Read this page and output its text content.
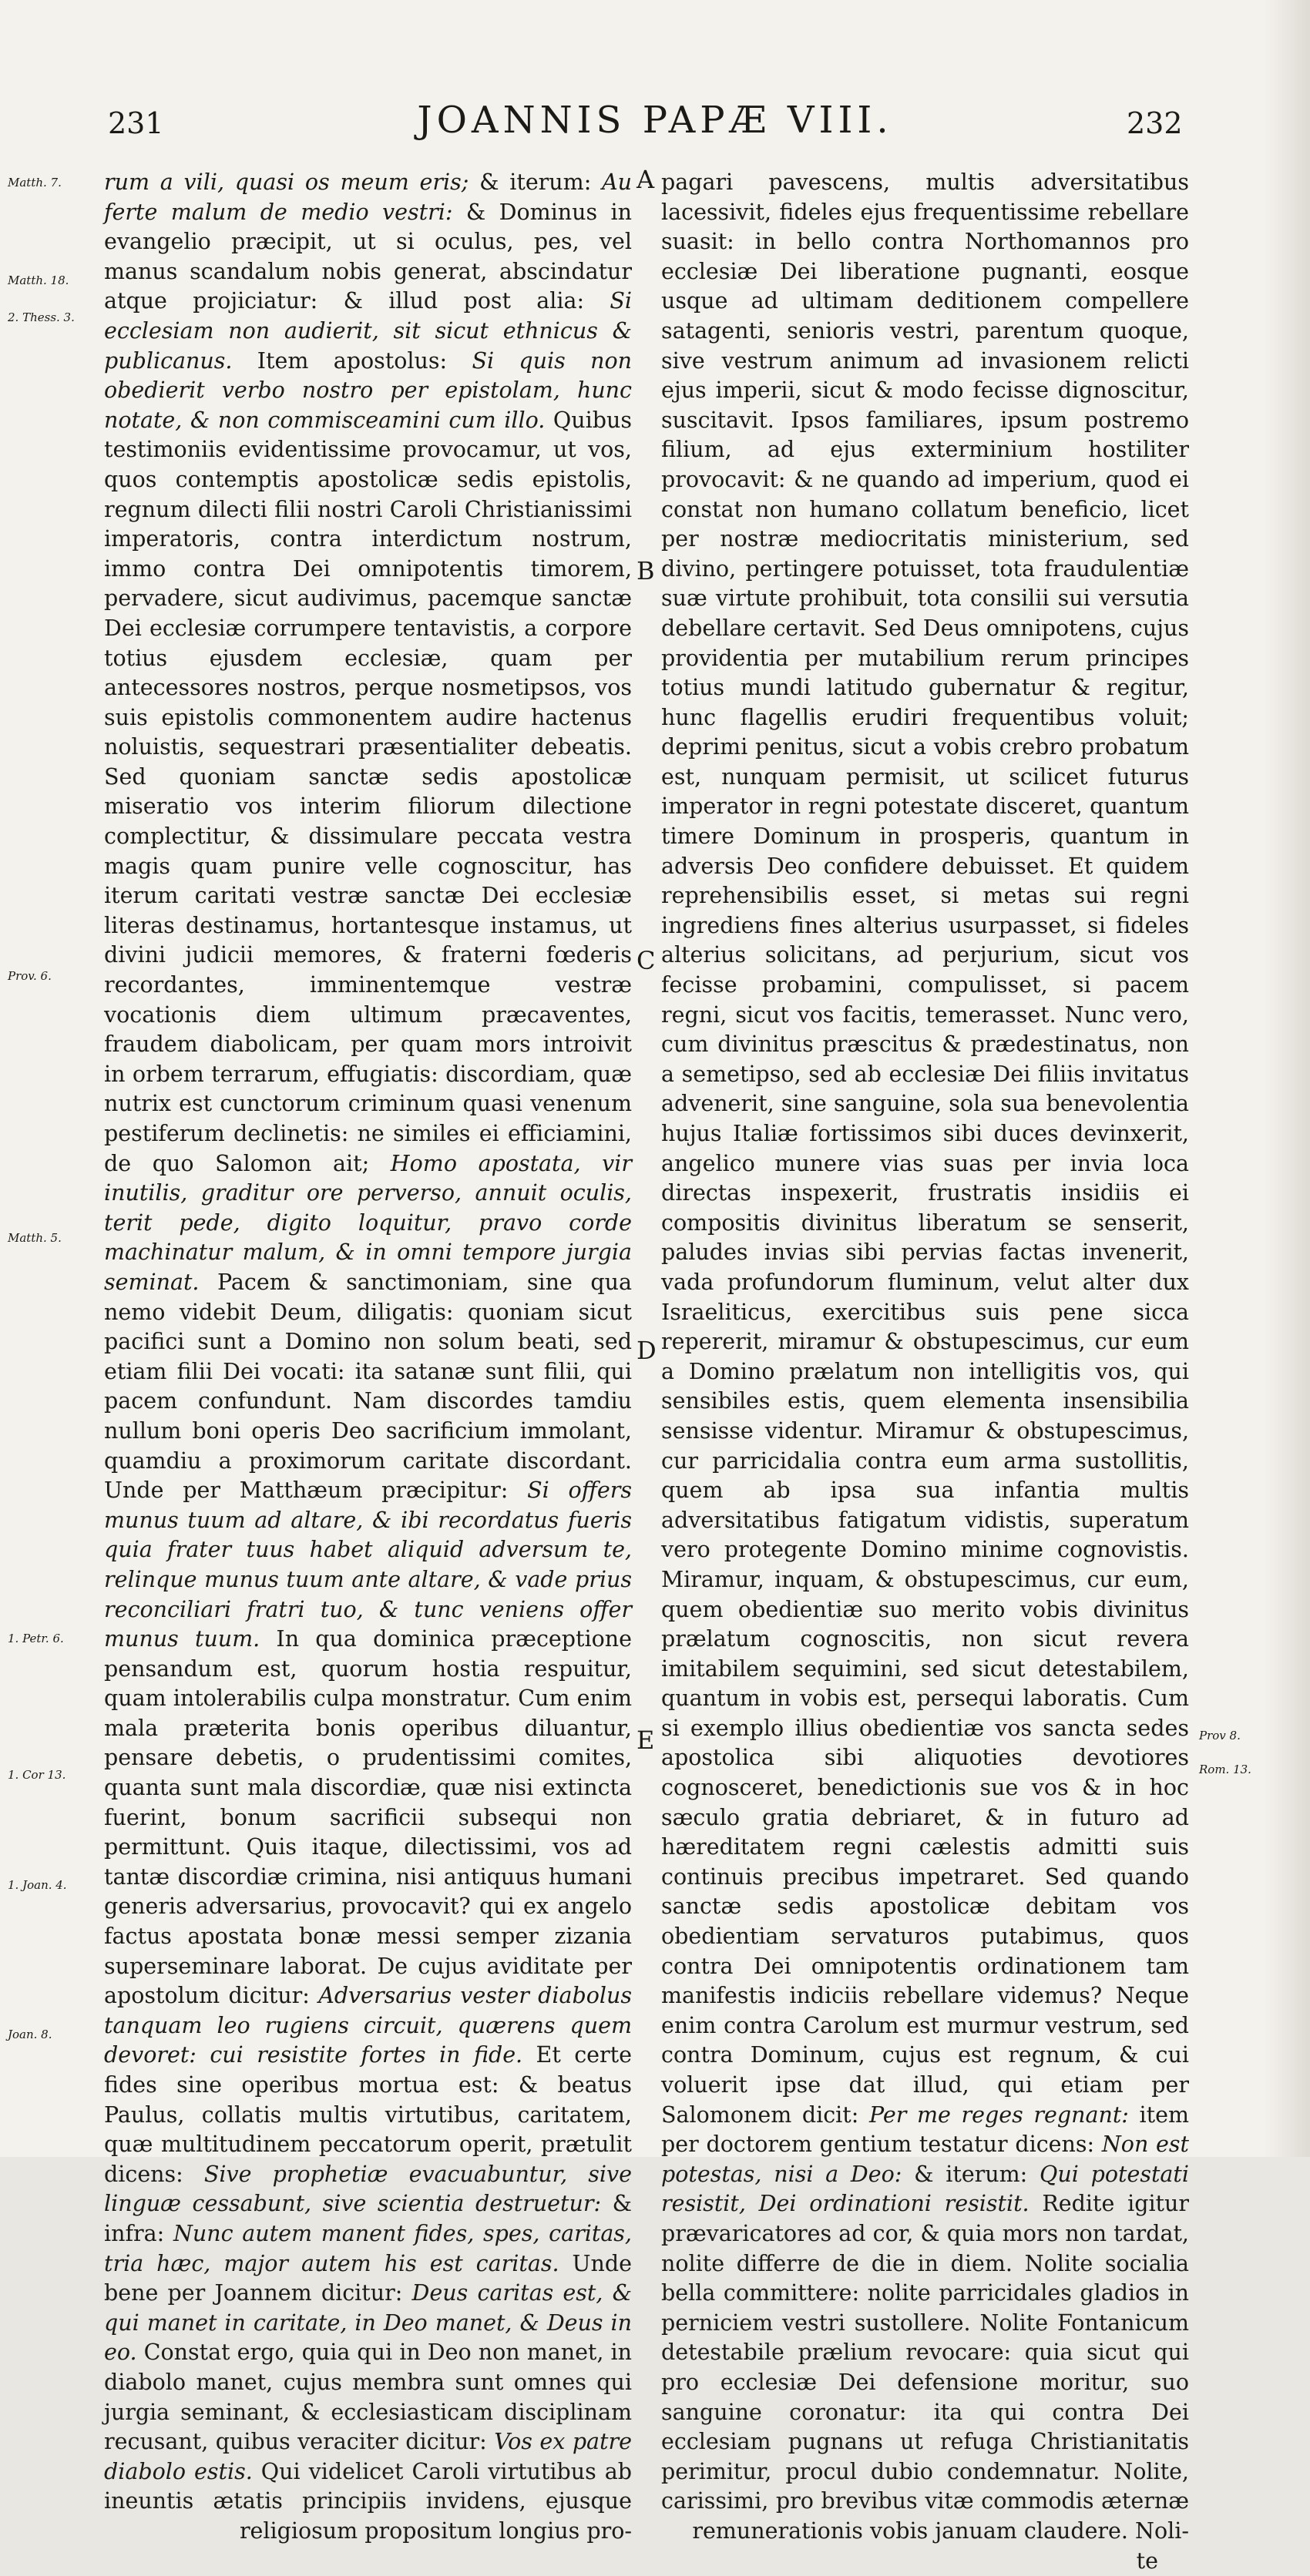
231	JOANNIS PAPÆ VIII.	232
Matth. 7.
Matth. 18.
2. Thess. 3.
Prov. 6.
Matth. 5.
1. Petr. 6.
1. Cor 13.
1. Joan. 4.
Joan. 8.
Prov 8.
Rom. 13.
A
B
C
D
E

rum a vili, quasi os meum eris; & iterum: Au ferte malum de medio vestri: & Dominus in evangelio præcipit, ut si oculus, pes, vel manus scandalum nobis generat, abscindatur atque projiciatur: & illud post alia: Si ecclesiam non audierit, sit sicut ethnicus & publicanus. Item apostolus: Si quis non obedierit verbo nostro per epistolam, hunc notate, & non commisceamini cum illo. Quibus testimoniis evidentissime provocamur, ut vos, quos contemptis apostolicæ sedis epistolis, regnum dilecti filii nostri Caroli Christianissimi imperatoris, contra interdictum nostrum, immo contra Dei omnipotentis timorem, pervadere, sicut audivimus, pacemque sanctæ Dei ecclesiæ corrumpere tentavistis, a corpore totius ejusdem ecclesiæ, quam per antecessores nostros, perque nosmetipsos, vos suis epistolis commonentem audire hactenus noluistis, sequestrari præsentialiter debeatis. Sed quoniam sanctæ sedis apostolicæ miseratio vos interim filiorum dilectione complectitur, & dissimulare peccata vestra magis quam punire velle cognoscitur, has iterum caritati vestræ sanctæ Dei ecclesiæ literas destinamus, hortantesque instamus, ut divini judicii memores, & fraterni fœderis recordantes, imminentemque vestræ vocationis diem ultimum præcaventes, fraudem diabolicam, per quam mors introivit in orbem terrarum, effugiatis: discordiam, quæ nutrix est cunctorum criminum quasi venenum pestiferum declinetis: ne similes ei efficiamini, de quo Salomon ait; Homo apostata, vir inutilis, graditur ore perverso, annuit oculis, terit pede, digito loquitur, pravo corde machinatur malum, & in omni tempore jurgia seminat. Pacem & sanctimoniam, sine qua nemo videbit Deum, diligatis: quoniam sicut pacifici sunt a Domino non solum beati, sed etiam filii Dei vocati: ita satanæ sunt filii, qui pacem confundunt. Nam discordes tamdiu nullum boni operis Deo sacrificium immolant, quamdiu a proximorum caritate discordant. Unde per Matthæum præcipitur: Si offers munus tuum ad altare, & ibi recordatus fueris quia frater tuus habet aliquid adversum te, relinque munus tuum ante altare, & vade prius reconciliari fratri tuo, & tunc veniens offer munus tuum. In qua dominica præceptione pensandum est, quorum hostia respuitur, quam intolerabilis culpa monstratur. Cum enim mala præterita bonis operibus diluantur, pensare debetis, o prudentissimi comites, quanta sunt mala discordiæ, quæ nisi extincta fuerint, bonum sacrificii subsequi non permittunt. Quis itaque, dilectissimi, vos ad tantæ discordiæ crimina, nisi antiquus humani generis adversarius, provocavit? qui ex angelo factus apostata bonæ messi semper zizania superseminare laborat. De cujus aviditate per apostolum dicitur: Adversarius vester diabolus tanquam leo rugiens circuit, quærens quem devoret: cui resistite fortes in fide. Et certe fides sine operibus mortua est: & beatus Paulus, collatis multis virtutibus, caritatem, quæ multitudinem peccatorum operit, prætulit dicens: Sive prophetiæ evacuabuntur, sive linguæ cessabunt, sive scientia destruetur: & infra: Nunc autem manent fides, spes, caritas, tria hæc, major autem his est caritas. Unde bene per Joannem dicitur: Deus caritas est, & qui manet in caritate, in Deo manet, & Deus in eo. Constat ergo, quia qui in Deo non manet, in diabolo manet, cujus membra sunt omnes qui jurgia seminant, & ecclesiasticam disciplinam recusant, quibus veraciter dicitur: Vos ex patre diabolo estis. Qui videlicet Caroli virtutibus ab ineuntis ætatis principiis invidens, ejusque religiosum propositum longius pro-

pagari pavescens, multis adversitatibus lacessivit, fideles ejus frequentissime rebellare suasit: in bello contra Northomannos pro ecclesiæ Dei liberatione pugnanti, eosque usque ad ultimam deditionem compellere satagenti, senioris vestri, parentum quoque, sive vestrum animum ad invasionem relicti ejus imperii, sicut & modo fecisse dignoscitur, suscitavit. Ipsos familiares, ipsum postremo filium, ad ejus exterminium hostiliter provocavit: & ne quando ad imperium, quod ei constat non humano collatum beneficio, licet per nostræ mediocritatis ministerium, sed divino, pertingere potuisset, tota fraudulentiæ suæ virtute prohibuit, tota consilii sui versutia debellare certavit. Sed Deus omnipotens, cujus providentia per mutabilium rerum principes totius mundi latitudo gubernatur & regitur, hunc flagellis erudiri frequentibus voluit; deprimi penitus, sicut a vobis crebro probatum est, nunquam permisit, ut scilicet futurus imperator in regni potestate disceret, quantum timere Dominum in prosperis, quantum in adversis Deo confidere debuisset. Et quidem reprehensibilis esset, si metas sui regni ingrediens fines alterius usurpasset, si fideles alterius solicitans, ad perjurium, sicut vos fecisse probamini, compulisset, si pacem regni, sicut vos facitis, temerasset. Nunc vero, cum divinitus præscitus & prædestinatus, non a semetipso, sed ab ecclesiæ Dei filiis invitatus advenerit, sine sanguine, sola sua benevolentia hujus Italiæ fortissimos sibi duces devinxerit, angelico munere vias suas per invia loca directas inspexerit, frustratis insidiis ei compositis divinitus liberatum se senserit, paludes invias sibi pervias factas invenerit, vada profundorum fluminum, velut alter dux Israeliticus, exercitibus suis pene sicca repererit, miramur & obstupescimus, cur eum a Domino prælatum non intelligitis vos, qui sensibiles estis, quem elementa insensibilia sensisse videntur. Miramur & obstupescimus, cur parricidalia contra eum arma sustollitis, quem ab ipsa sua infantia multis adversitatibus fatigatum vidistis, superatum vero protegente Domino minime cognovistis. Miramur, inquam, & obstupescimus, cur eum, quem obedientiæ suo merito vobis divinitus prælatum cognoscitis, non sicut revera imitabilem sequimini, sed sicut detestabilem, quantum in vobis est, persequi laboratis. Cum si exemplo illius obedientiæ vos sancta sedes apostolica sibi aliquoties devotiores cognosceret, benedictionis sue vos & in hoc sæculo gratia debriaret, & in futuro ad hæreditatem regni cælestis admitti suis continuis precibus impetraret. Sed quando sanctæ sedis apostolicæ debitam vos obedientiam servaturos putabimus, quos contra Dei omnipotentis ordinationem tam manifestis indiciis rebellare videmus? Neque enim contra Carolum est murmur vestrum, sed contra Dominum, cujus est regnum, & cui voluerit ipse dat illud, qui etiam per Salomonem dicit: Per me reges regnant: item per doctorem gentium testatur dicens: Non est potestas, nisi a Deo: & iterum: Qui potestati resistit, Dei ordinationi resistit. Redite igitur prævaricatores ad cor, & quia mors non tardat, nolite differre de die in diem. Nolite socialia bella committere: nolite parricidales gladios in perniciem vestri sustollere. Nolite Fontanicum detestabile prælium revocare: quia sicut qui pro ecclesiæ Dei defensione moritur, suo sanguine coronatur: ita qui contra Dei ecclesiam pugnans ut refuga Christianitatis perimitur, procul dubio condemnatur. Nolite, carissimi, pro brevibus vitæ commodis æternæ remunerationis vobis januam claudere. Noli-

te
